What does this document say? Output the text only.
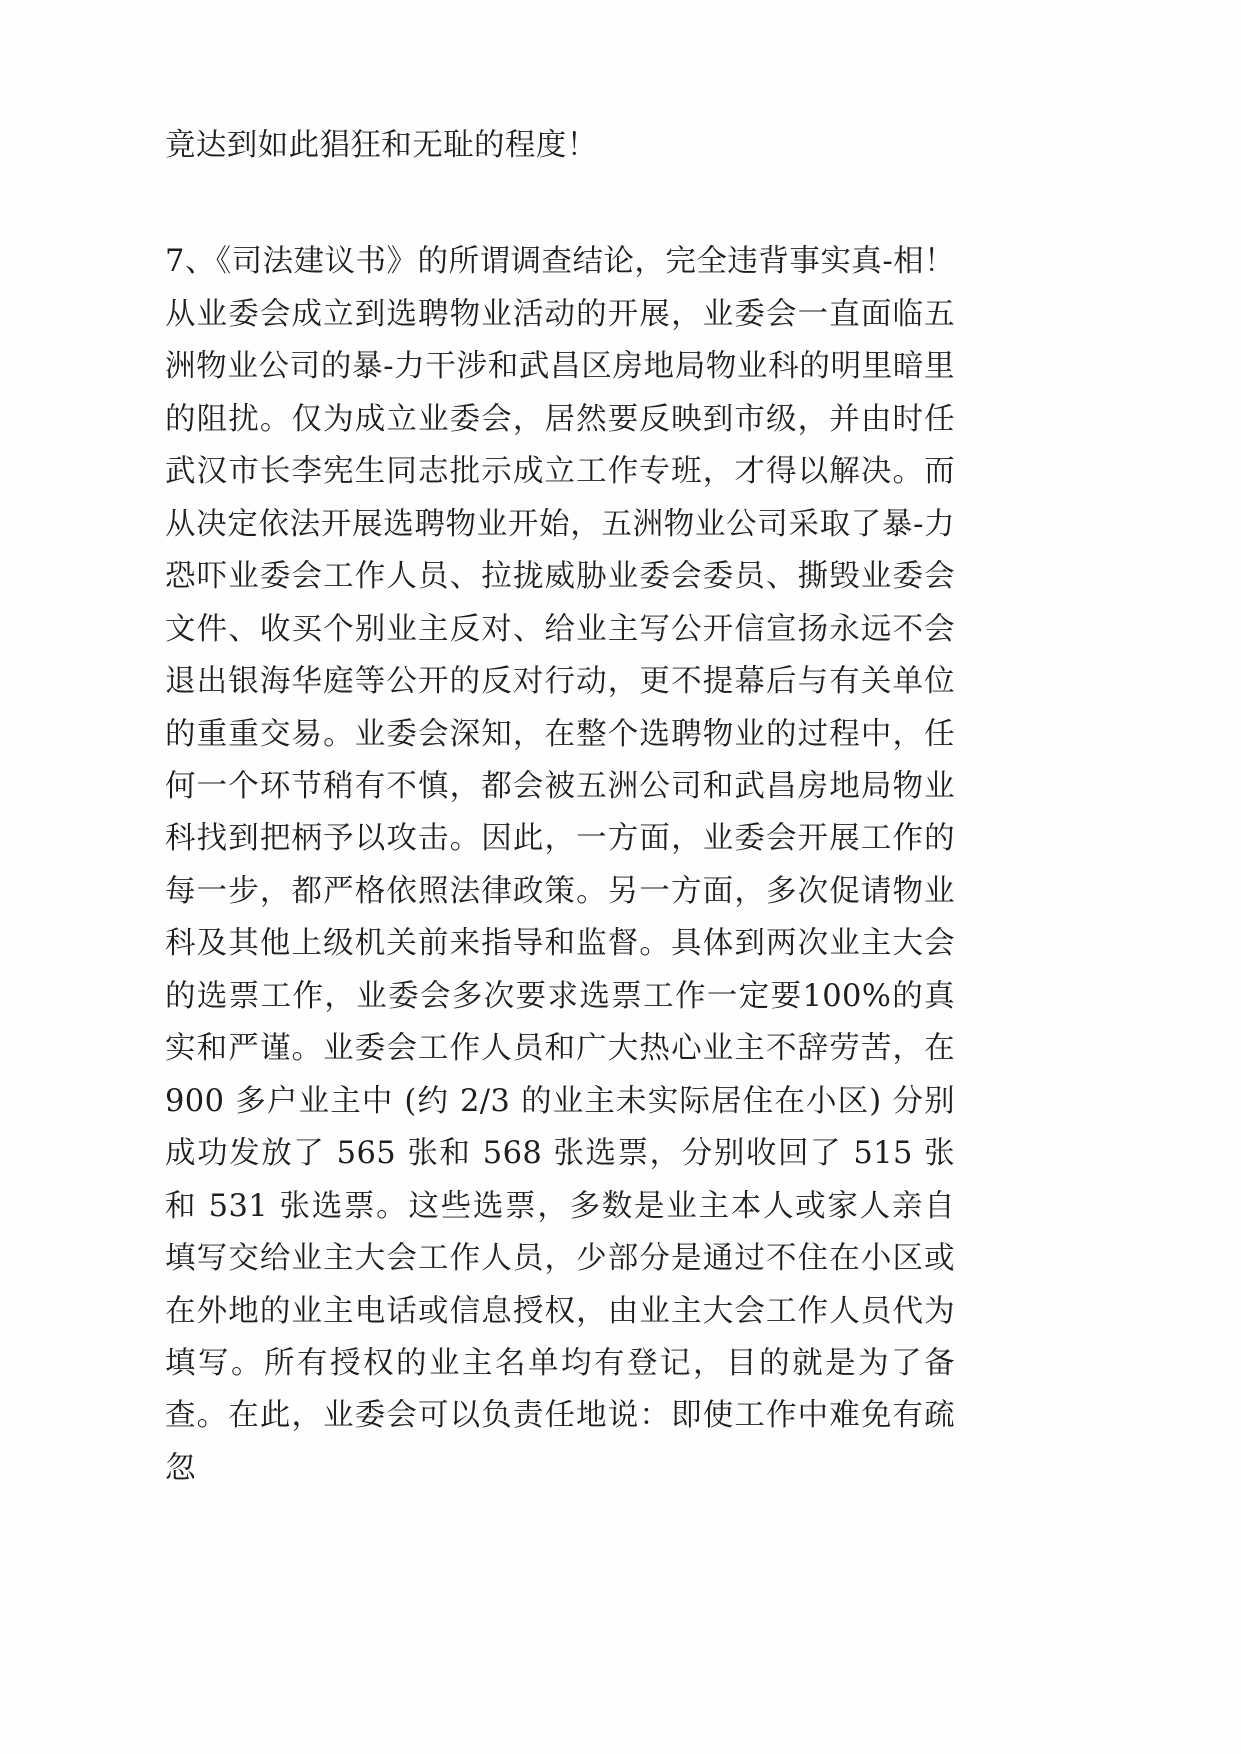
竟达到如此猖狂和无耻的程度！

7、《司法建议书》的所谓调查结论，完全违背事实真-相！从业委会成立到选聘物业活动的开展，业委会一直面临五洲物业公司的暴-力干涉和武昌区房地局物业科的明里暗里的阻扰。仅为成立业委会，居然要反映到市级，并由时任武汉市长李宪生同志批示成立工作专班，才得以解决。而从决定依法开展选聘物业开始，五洲物业公司采取了暴-力恐吓业委会工作人员、拉拢威胁业委会委员、撕毁业委会文件、收买个别业主反对、给业主写公开信宣扬永远不会退出银海华庭等公开的反对行动，更不提幕后与有关单位的重重交易。业委会深知，在整个选聘物业的过程中，任何一个环节稍有不慎，都会被五洲公司和武昌房地局物业科找到把柄予以攻击。因此，一方面，业委会开展工作的每一步，都严格依照法律政策。另一方面，多次促请物业科及其他上级机关前来指导和监督。具体到两次业主大会的选票工作，业委会多次要求选票工作一定要100%的真实和严谨。业委会工作人员和广大热心业主不辞劳苦，在 900 多户业主中 (约 2/3 的业主未实际居住在小区) 分别成功发放了 565 张和 568 张选票，分别收回了 515 张和 531 张选票。这些选票，多数是业主本人或家人亲自填写交给业主大会工作人员，少部分是通过不住在小区或在外地的业主电话或信息授权，由业主大会工作人员代为填写。所有授权的业主名单均有登记，目的就是为了备查。在此，业委会可以负责任地说：即使工作中难免有疏忽
